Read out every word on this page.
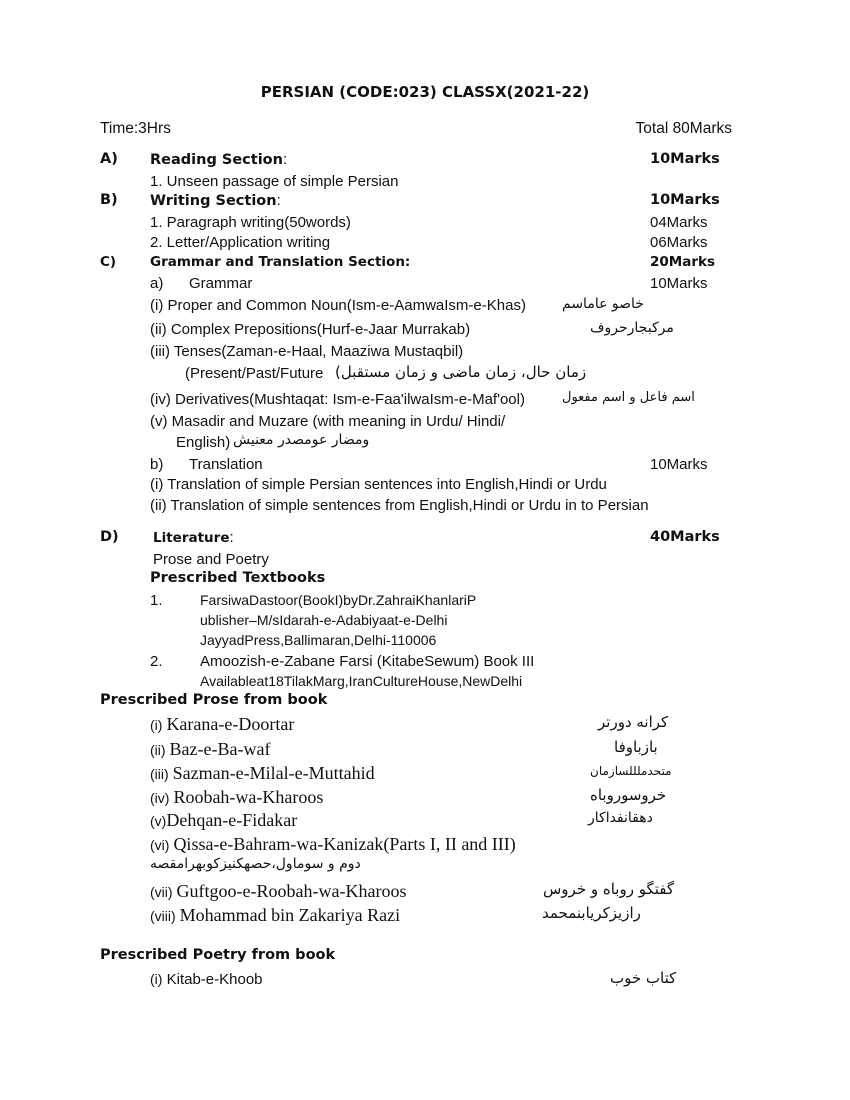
PERSIAN (CODE:023) CLASSX(2021-22)
Time:3Hrs	Total 80Marks
A) Reading Section:	10Marks
1. Unseen passage of simple Persian
B) Writing Section:	10Marks
1. Paragraph writing(50words)	04Marks
2. Letter/Application writing	06Marks
C)	Grammar and Translation Section:	20Marks
a) Grammar	10Marks
(i) Proper and Common Noun(Ism-e-AamwaIsm-e-Khas)	خاصو عاماسم
(ii) Complex Prepositions(Hurf-e-Jaar Murrakab)	مرکبجارحروف
(iii) Tenses(Zaman-e-Haal, Maaziwa Mustaqbil)
(Present/Past/Future زمان حال، زمان ماضی و زمان مستقبل)
(iv) Derivatives(Mushtaqat: Ism-e-Faa'ilwaIsm-e-Maf'ool)	اسم فاعل و اسم مفعول
(v) Masadir and Muzare (with meaning in Urdu/ Hindi/
English) ومضار عومصدر معنیش
b) Translation	10Marks
(i) Translation of simple Persian sentences into English,Hindi or Urdu
(ii) Translation of simple sentences from English,Hindi or Urdu in to Persian
D)	Literature:	40Marks
Prose and Poetry
Prescribed Textbooks
1.	FarsiwaDastoor(BookI)byDr.ZahraiKhanlariP
ublisher–M/sIdarah-e-Adabiyaat-e-Delhi
JayyadPress,Ballimaran,Delhi-110006
2. Amoozish-e-Zabane Farsi (KitabeSewum) Book III
Availableat18TilakMarg,IranCultureHouse,NewDelhi
Prescribed Prose from book
(i) Karana-e-Doortar	کرانه دورتر
(ii) Baz-e-Ba-waf	بازباوفا
(iii) Sazman-e-Milal-e-Muttahid	متحدملللسازمان
(iv) Roobah-wa-Kharoos	خروسوروباه
(v)Dehqan-e-Fidakar	دهقانفداکار
(vi) Qissa-e-Bahram-wa-Kanizak(Parts I, II and III)
دوم و سوماول،حصهکنیزکوبهرامقصه
(vii) Guftgoo-e-Roobah-wa-Kharoos	گفتگو روباه و خروس
(viii) Mohammad bin Zakariya Razi	رازیزکریابنمحمد
Prescribed Poetry from book
(i) Kitab-e-Khoob	کتاب خوب
